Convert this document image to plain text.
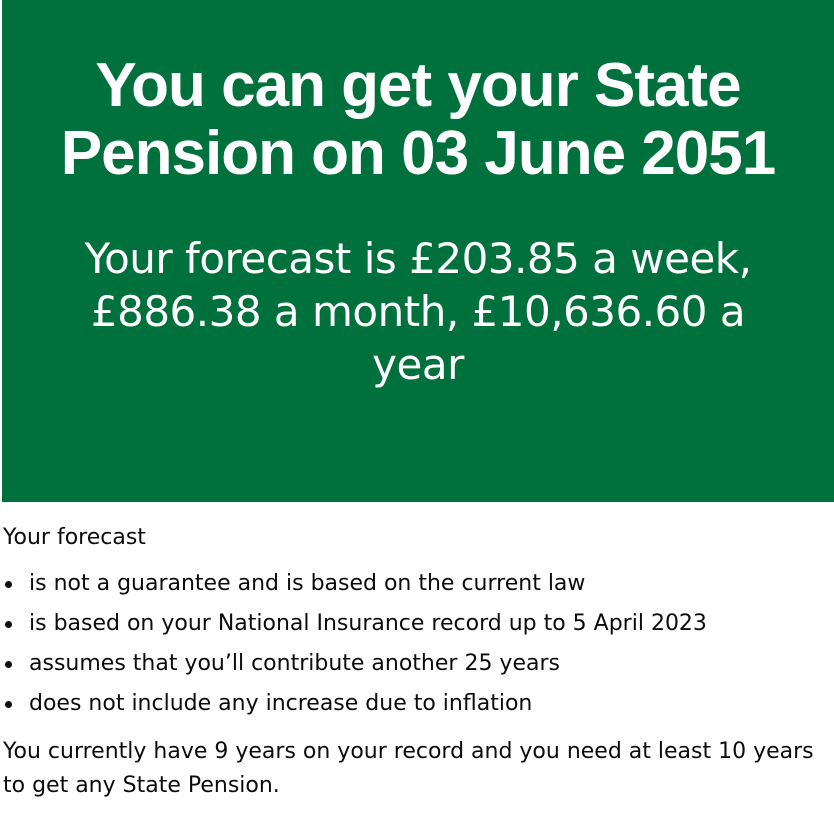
You can get your State Pension on 03 June 2051
Your forecast is £203.85 a week, £886.38 a month, £10,636.60 a year

Your forecast

is not a guarantee and is based on the current law
is based on your National Insurance record up to 5 April 2023
assumes that you’ll contribute another 25 years
does not include any increase due to inflation

You currently have 9 years on your record and you need at least 10 years to get any State Pension.
